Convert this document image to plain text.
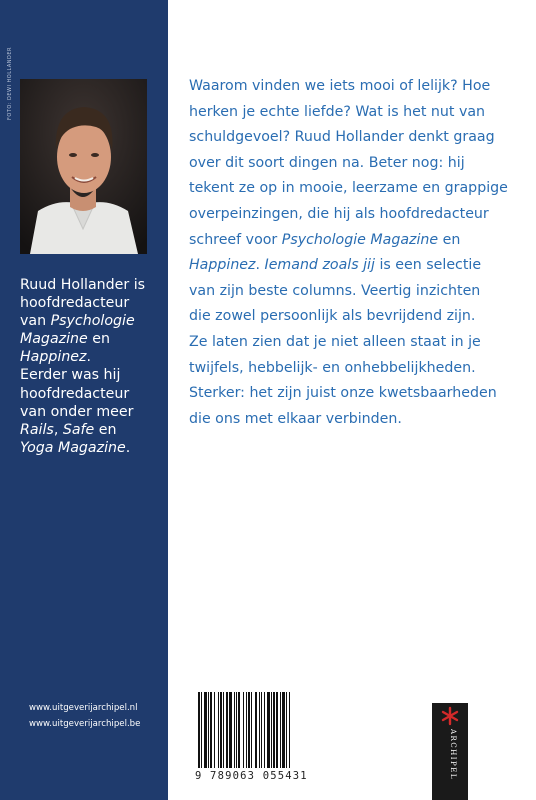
FOTO: DEWI HOLLANDER
Ruud Hollander is
hoofdredacteur
van Psychologie
Magazine en
Happinez.
Eerder was hij
hoofdredacteur
van onder meer
Rails, Safe en
Yoga Magazine.
www.uitgeverijarchipel.nl
www.uitgeverijarchipel.be
Waarom vinden we iets mooi of lelijk? Hoe
herken je echte liefde? Wat is het nut van
schuldgevoel? Ruud Hollander denkt graag
over dit soort dingen na. Beter nog: hij
tekent ze op in mooie, leerzame en grappige
overpeinzingen, die hij als hoofdredacteur
schreef voor Psychologie Magazine en
Happinez. Iemand zoals jij is een selectie
van zijn beste columns. Veertig inzichten
die zowel persoonlijk als bevrijdend zijn.
Ze laten zien dat je niet alleen staat in je
twijfels, hebbelijk- en onhebbelijkheden.
Sterker: het zijn juist onze kwetsbaarheden
die ons met elkaar verbinden.
9 789063 055431	ARCHIPEL
